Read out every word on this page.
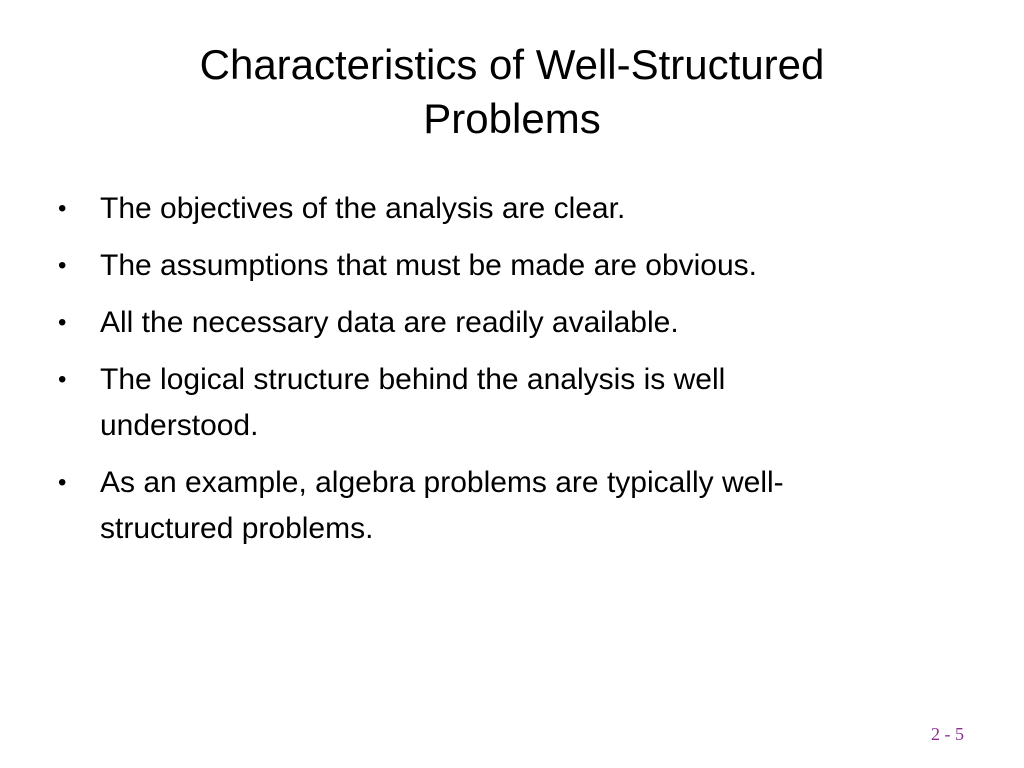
Characteristics of Well-Structured
Problems
•	The objectives of the analysis are clear.
•	The assumptions that must be made are obvious.
•	All the necessary data are readily available.
•	The logical structure behind the analysis is well
understood.
•	As an example, algebra problems are typically well-
structured problems.
2 - 5
